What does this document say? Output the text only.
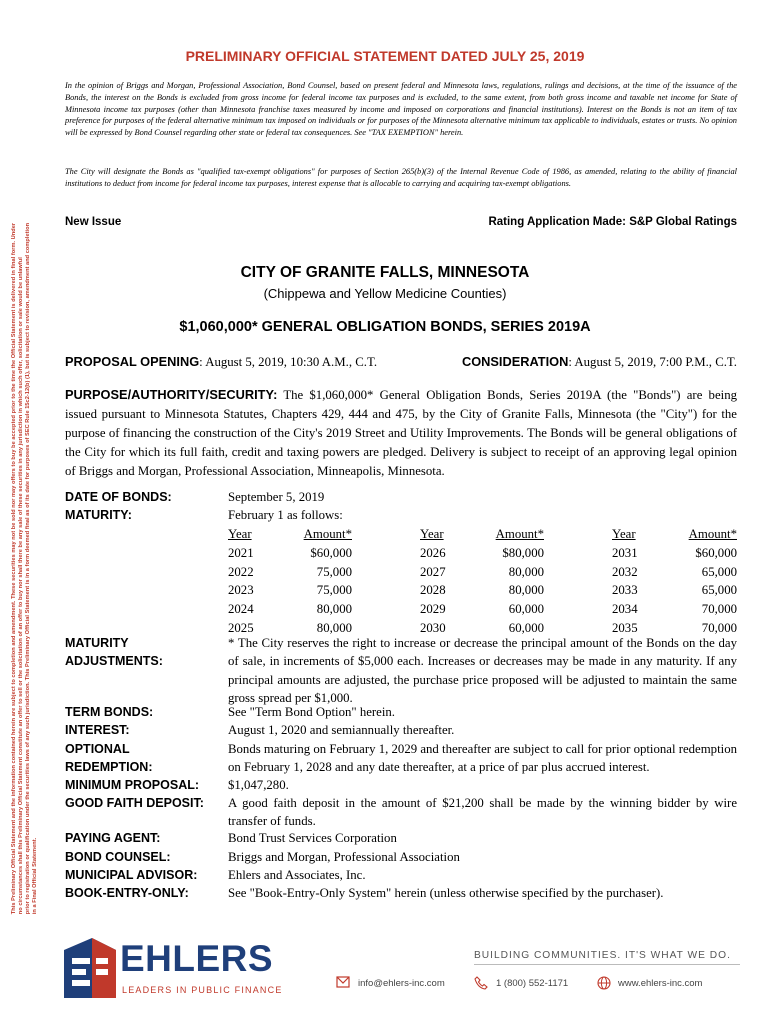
This Preliminary Official Statement and the information contained herein are subject to completion and amendment. These securities may not be sold nor may offers to buy be accepted prior to the time the Official Statement is delivered in final form. Under no circumstances shall this Preliminary Official Statement constitute an offer to sell or the solicitation of an offer to buy nor shall there be any sale of these securities in any jurisdiction in which such offer, solicitation or sale would be unlawful prior to registration or qualification under the securities laws of any such jurisdiction. This Preliminary Official Statement is in a form deemed final as of its date for purposes of SEC Rule 15c2-12(b) (1), but is subject to revision, amendment and completion in a Final Official Statement.

PRELIMINARY OFFICIAL STATEMENT DATED JULY 25, 2019
In the opinion of Briggs and Morgan, Professional Association, Bond Counsel, based on present federal and Minnesota laws, regulations, rulings and decisions, at the time of the issuance of the Bonds, the interest on the Bonds is excluded from gross income for federal income tax purposes and is excluded, to the same extent, from both gross income and taxable net income for State of Minnesota income tax purposes (other than Minnesota franchise taxes measured by income and imposed on corporations and financial institutions). Interest on the Bonds is not an item of tax preference for purposes of the federal alternative minimum tax imposed on individuals or for purposes of the Minnesota alternative minimum tax applicable to individuals, estates or trusts. No opinion will be expressed by Bond Counsel regarding other state or federal tax consequences. See "TAX EXEMPTION" herein.
The City will designate the Bonds as "qualified tax-exempt obligations" for purposes of Section 265(b)(3) of the Internal Revenue Code of 1986, as amended, relating to the ability of financial institutions to deduct from income for federal income tax purposes, interest expense that is allocable to carrying and acquiring tax-exempt obligations.
New Issue	Rating Application Made: S&P Global Ratings
CITY OF GRANITE FALLS, MINNESOTA
(Chippewa and Yellow Medicine Counties)
$1,060,000* GENERAL OBLIGATION BONDS, SERIES 2019A
PROPOSAL OPENING: August 5, 2019, 10:30 A.M., C.T.	CONSIDERATION: August 5, 2019, 7:00 P.M., C.T.
PURPOSE/AUTHORITY/SECURITY: The $1,060,000* General Obligation Bonds, Series 2019A (the "Bonds") are being issued pursuant to Minnesota Statutes, Chapters 429, 444 and 475, by the City of Granite Falls, Minnesota (the "City") for the purpose of financing the construction of the City's 2019 Street and Utility Improvements. The Bonds will be general obligations of the City for which its full faith, credit and taxing powers are pledged. Delivery is subject to receipt of an approving legal opinion of Briggs and Morgan, Professional Association, Minneapolis, Minnesota.
DATE OF BONDS:	September 5, 2019
MATURITY:	February 1 as follows:
Year	Amount*		Year	Amount*		Year	Amount*
2021	$60,000		2026	$80,000		2031	$60,000
2022	75,000		2027	80,000		2032	65,000
2023	75,000		2028	80,000		2033	65,000
2024	80,000		2029	60,000		2034	70,000
2025	80,000		2030	60,000		2035	70,000
MATURITY
ADJUSTMENTS:
* The City reserves the right to increase or decrease the principal amount of the Bonds on the day of sale, in increments of $5,000 each. Increases or decreases may be made in any maturity. If any principal amounts are adjusted, the purchase price proposed will be adjusted to maintain the same gross spread per $1,000.
TERM BONDS:	See "Term Bond Option" herein.
INTEREST:	August 1, 2020 and semiannually thereafter.
OPTIONAL
REDEMPTION:
Bonds maturing on February 1, 2029 and thereafter are subject to call for prior optional redemption on February 1, 2028 and any date thereafter, at a price of par plus accrued interest.
MINIMUM PROPOSAL: $1,047,280.
GOOD FAITH DEPOSIT: A good faith deposit in the amount of $21,200 shall be made by the winning bidder by wire transfer of funds.
PAYING AGENT:	Bond Trust Services Corporation
BOND COUNSEL:	Briggs and Morgan, Professional Association
MUNICIPAL ADVISOR: Ehlers and Associates, Inc.
BOOK-ENTRY-ONLY:	See "Book-Entry-Only System" herein (unless otherwise specified by the purchaser).
EHLERS
LEADERS IN PUBLIC FINANCE
BUILDING COMMUNITIES. IT'S WHAT WE DO.
info@ehlers-inc.com	1 (800) 552-1171	www.ehlers-inc.com
